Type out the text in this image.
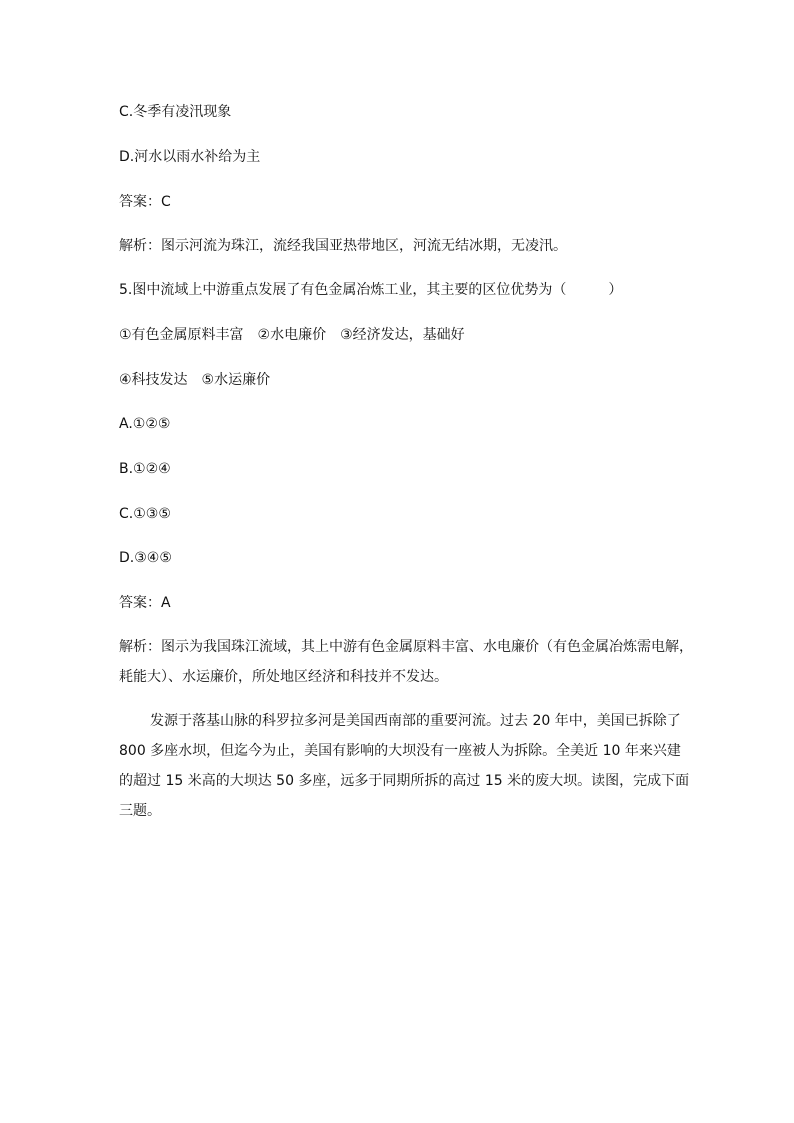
C.冬季有凌汛现象

D.河水以雨水补给为主

答案：C

解析：图示河流为珠江，流经我国亚热带地区，河流无结冰期，无凌汛。

5.图中流域上中游重点发展了有色金属冶炼工业，其主要的区位优势为（　　　）

①有色金属原料丰富　②水电廉价　③经济发达，基础好

④科技发达　⑤水运廉价

A.①②⑤

B.①②④

C.①③⑤

D.③④⑤

答案：A

解析：图示为我国珠江流域，其上中游有色金属原料丰富、水电廉价（有色金属冶炼需电解，

耗能大）、水运廉价，所处地区经济和科技并不发达。

发源于落基山脉的科罗拉多河是美国西南部的重要河流。过去 20 年中，美国已拆除了
800 多座水坝，但迄今为止，美国有影响的大坝没有一座被人为拆除。全美近 10 年来兴建
的超过 15 米高的大坝达 50 多座，远多于同期所拆的高过 15 米的废大坝。读图，完成下面
三题。
